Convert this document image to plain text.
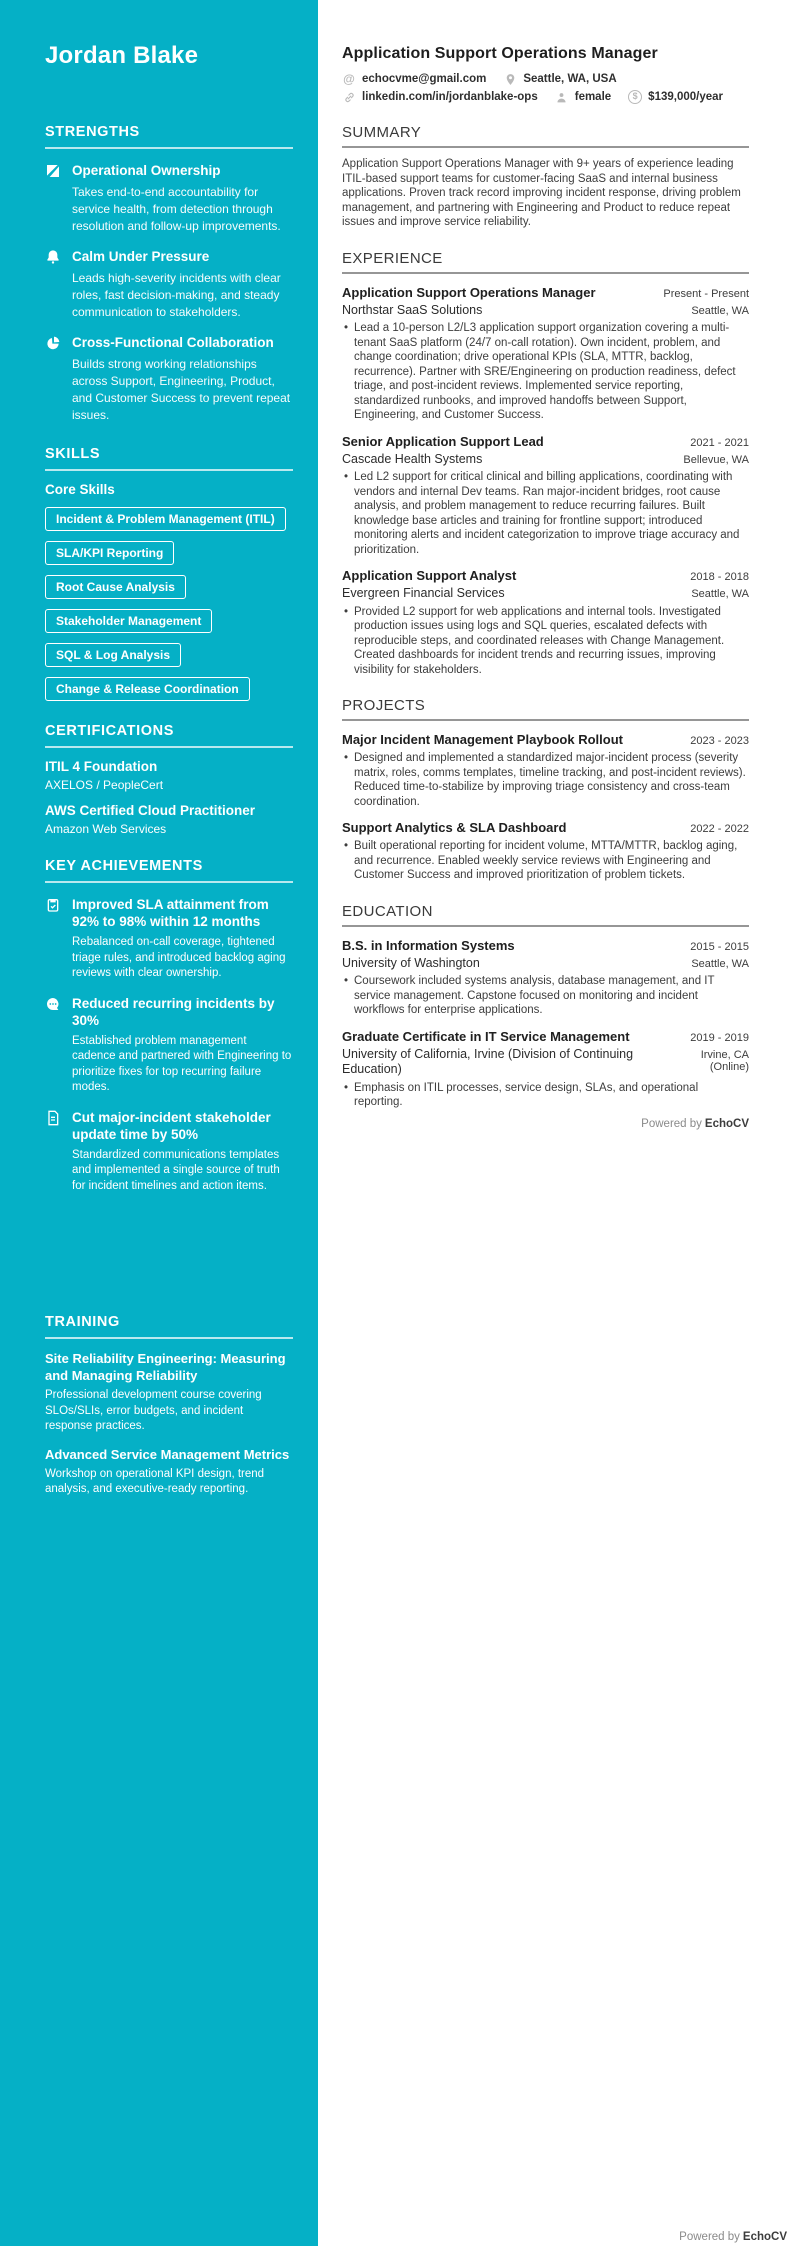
Jordan Blake
STRENGTHS
Operational Ownership
Takes end-to-end accountability for service health, from detection through resolution and follow-up improvements.
Calm Under Pressure
Leads high-severity incidents with clear roles, fast decision-making, and steady communication to stakeholders.
Cross-Functional Collaboration
Builds strong working relationships across Support, Engineering, Product, and Customer Success to prevent repeat issues.
SKILLS
Core Skills
Incident & Problem Management (ITIL)
SLA/KPI Reporting
Root Cause Analysis
Stakeholder Management
SQL & Log Analysis
Change & Release Coordination
CERTIFICATIONS
ITIL 4 Foundation
AXELOS / PeopleCert
AWS Certified Cloud Practitioner
Amazon Web Services
KEY ACHIEVEMENTS
Improved SLA attainment from 92% to 98% within 12 months
Rebalanced on-call coverage, tightened triage rules, and introduced backlog aging reviews with clear ownership.
Reduced recurring incidents by 30%
Established problem management cadence and partnered with Engineering to prioritize fixes for top recurring failure modes.
Cut major-incident stakeholder update time by 50%
Standardized communications templates and implemented a single source of truth for incident timelines and action items.
TRAINING
Site Reliability Engineering: Measuring and Managing Reliability
Professional development course covering SLOs/SLIs, error budgets, and incident response practices.
Advanced Service Management Metrics
Workshop on operational KPI design, trend analysis, and executive-ready reporting.
Application Support Operations Manager
@
echocvme@gmail.com	Seattle, WA, USA
linkedin.com/in/jordanblake-ops	female $	$139,000/year
SUMMARY

Application Support Operations Manager with 9+ years of experience leading ITIL-based support teams for customer-facing SaaS and internal business applications. Proven track record improving incident response, driving problem management, and partnering with Engineering and Product to reduce repeat issues and improve service reliability.

EXPERIENCE
Application Support Operations Manager	Present - Present
Northstar SaaS Solutions	Seattle, WA
• Lead a 10-person L2/L3 application support organization covering a multi-tenant SaaS platform (24/7 on-call rotation). Own incident, problem, and change coordination; drive operational KPIs (SLA, MTTR, backlog, recurrence). Partner with SRE/Engineering on production readiness, defect triage, and post-incident reviews. Implemented service reporting, standardized runbooks, and improved handoffs between Support, Engineering, and Customer Success.
Senior Application Support Lead	2021 - 2021
Cascade Health Systems	Bellevue, WA
• Led L2 support for critical clinical and billing applications, coordinating with vendors and internal Dev teams. Ran major-incident bridges, root cause analysis, and problem management to reduce recurring failures. Built knowledge base articles and training for frontline support; introduced monitoring alerts and incident categorization to improve triage accuracy and prioritization.
Application Support Analyst	2018 - 2018
Evergreen Financial Services	Seattle, WA
• Provided L2 support for web applications and internal tools. Investigated production issues using logs and SQL queries, escalated defects with reproducible steps, and coordinated releases with Change Management. Created dashboards for incident trends and recurring issues, improving visibility for stakeholders.
PROJECTS
Major Incident Management Playbook Rollout	2023 - 2023
• Designed and implemented a standardized major-incident process (severity matrix, roles, comms templates, timeline tracking, and post-incident reviews). Reduced time-to-stabilize by improving triage consistency and cross-team coordination.
Support Analytics & SLA Dashboard	2022 - 2022
• Built operational reporting for incident volume, MTTA/MTTR, backlog aging, and recurrence. Enabled weekly service reviews with Engineering and Customer Success and improved prioritization of problem tickets.
EDUCATION
B.S. in Information Systems	2015 - 2015
University of Washington	Seattle, WA
• Coursework included systems analysis, database management, and IT service management. Capstone focused on monitoring and incident workflows for enterprise applications.
Graduate Certificate in IT Service Management	2019 - 2019
University of California, Irvine (Division of Continuing Education)
Irvine, CA (Online)
• Emphasis on ITIL processes, service design, SLAs, and operational reporting.
Powered by EchoCV
Powered by EchoCV
